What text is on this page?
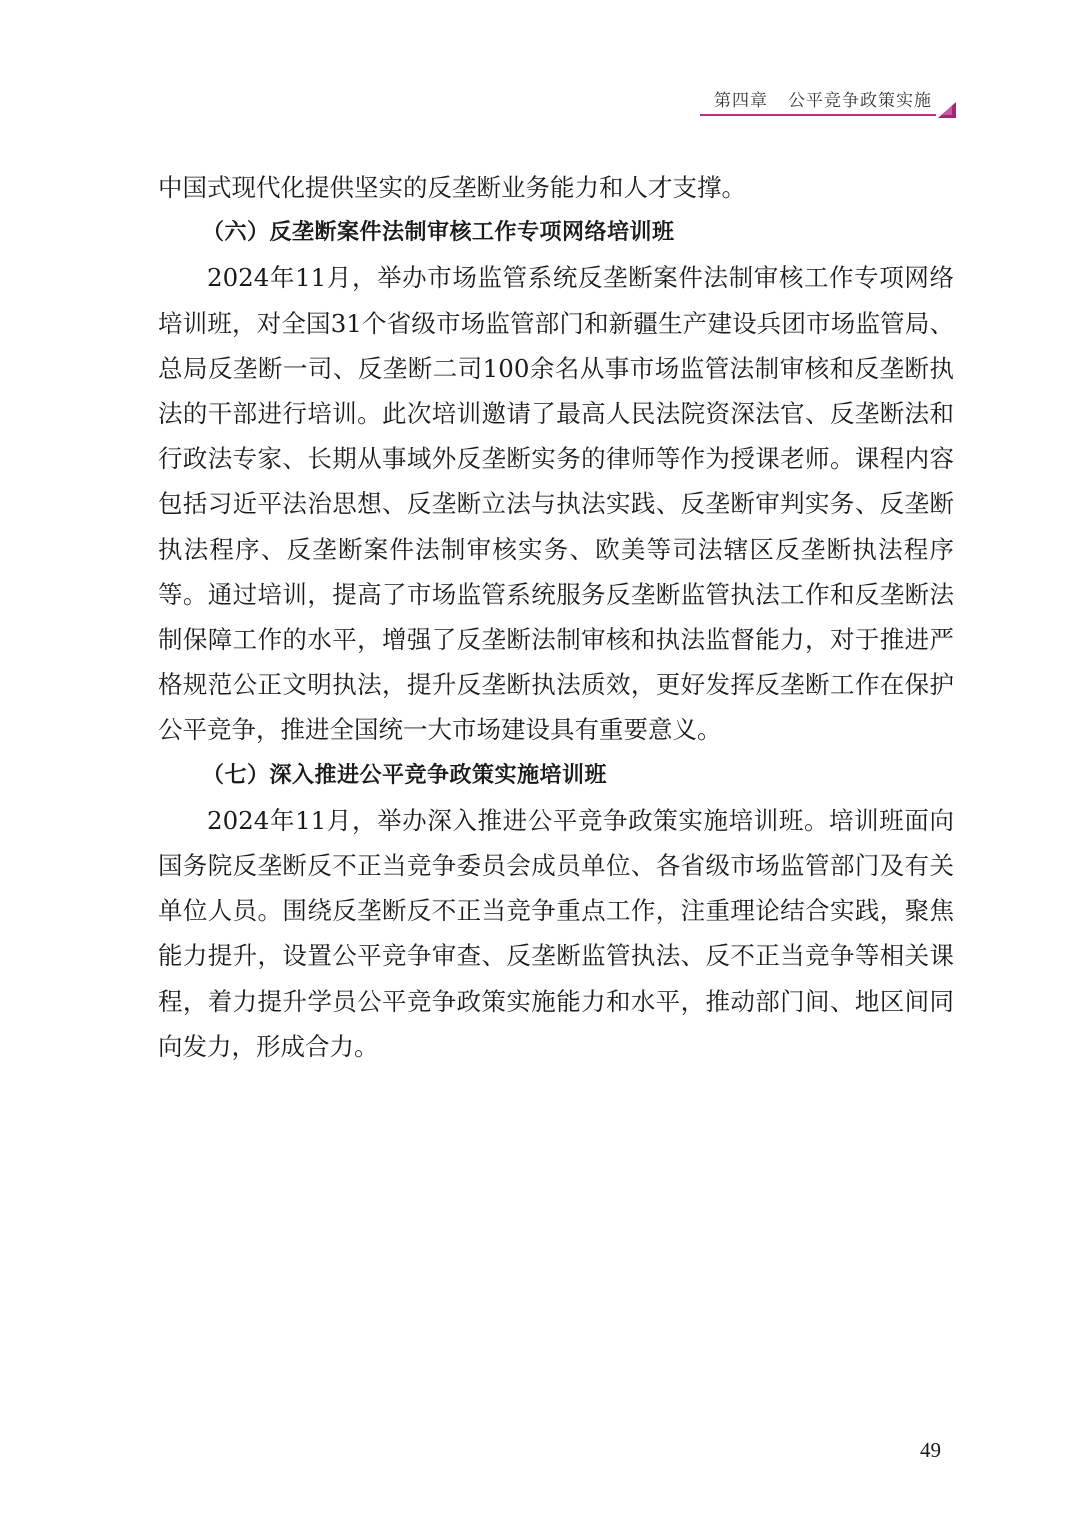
第四章 公平竞争政策实施

中国式现代化提供坚实的反垄断业务能力和人才支撑。

（六）反垄断案件法制审核工作专项网络培训班

2024年11月，举办市场监管系统反垄断案件法制审核工作专项网络培训班，对全国31个省级市场监管部门和新疆生产建设兵团市场监管局、总局反垄断一司、反垄断二司100余名从事市场监管法制审核和反垄断执法的干部进行培训。此次培训邀请了最高人民法院资深法官、反垄断法和行政法专家、长期从事域外反垄断实务的律师等作为授课老师。课程内容包括习近平法治思想、反垄断立法与执法实践、反垄断审判实务、反垄断执法程序、反垄断案件法制审核实务、欧美等司法辖区反垄断执法程序等。通过培训，提高了市场监管系统服务反垄断监管执法工作和反垄断法制保障工作的水平，增强了反垄断法制审核和执法监督能力，对于推进严格规范公正文明执法，提升反垄断执法质效，更好发挥反垄断工作在保护公平竞争，推进全国统一大市场建设具有重要意义。

（七）深入推进公平竞争政策实施培训班

2024年11月，举办深入推进公平竞争政策实施培训班。培训班面向国务院反垄断反不正当竞争委员会成员单位、各省级市场监管部门及有关单位人员。围绕反垄断反不正当竞争重点工作，注重理论结合实践，聚焦能力提升，设置公平竞争审查、反垄断监管执法、反不正当竞争等相关课程，着力提升学员公平竞争政策实施能力和水平，推动部门间、地区间同向发力，形成合力。

49
